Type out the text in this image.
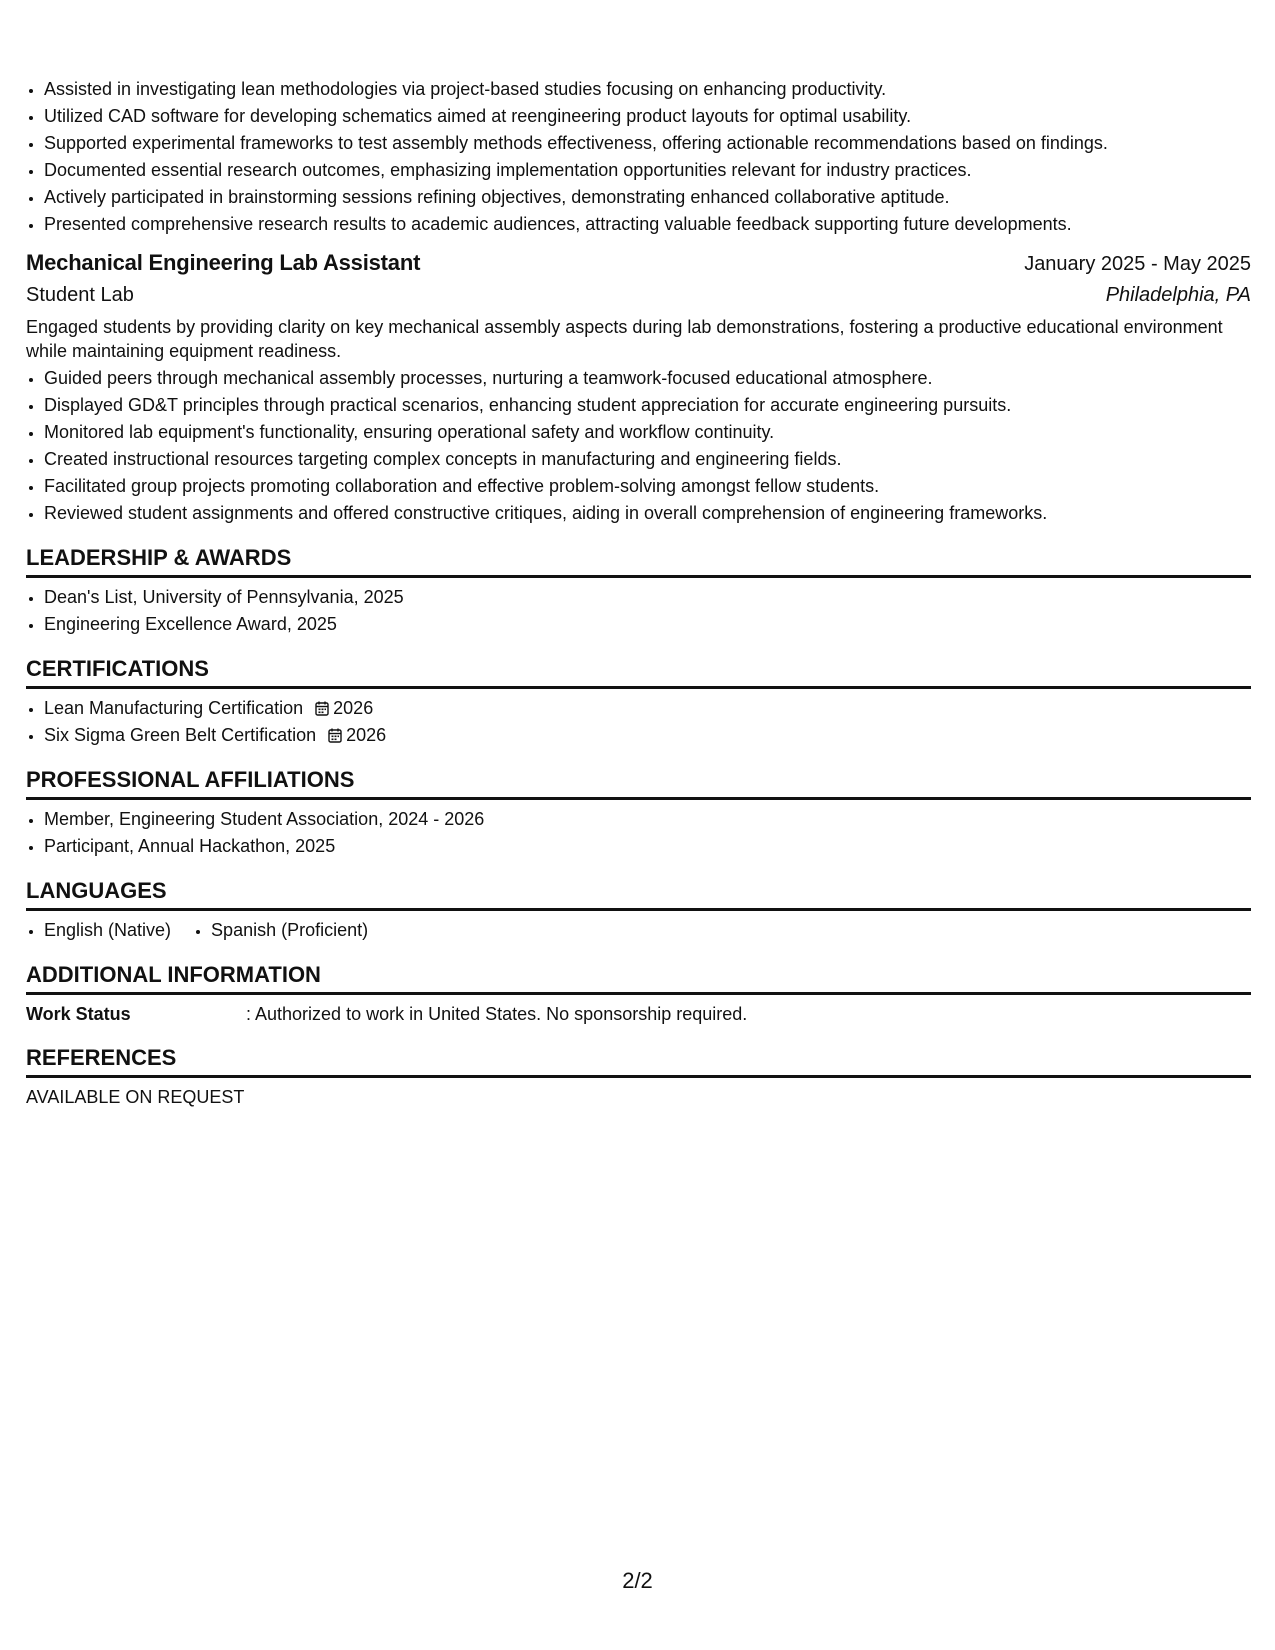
• Assisted in investigating lean methodologies via project-based studies focusing on enhancing productivity.
• Utilized CAD software for developing schematics aimed at reengineering product layouts for optimal usability.
• Supported experimental frameworks to test assembly methods effectiveness, offering actionable recommendations based on findings.
• Documented essential research outcomes, emphasizing implementation opportunities relevant for industry practices.
• Actively participated in brainstorming sessions refining objectives, demonstrating enhanced collaborative aptitude.
• Presented comprehensive research results to academic audiences, attracting valuable feedback supporting future developments.
Mechanical Engineering Lab Assistant	January 2025 - May 2025
Student Lab	Philadelphia, PA
Engaged students by providing clarity on key mechanical assembly aspects during lab demonstrations, fostering a productive educational environment while maintaining equipment readiness.
• Guided peers through mechanical assembly processes, nurturing a teamwork-focused educational atmosphere.
• Displayed GD&T principles through practical scenarios, enhancing student appreciation for accurate engineering pursuits.
• Monitored lab equipment's functionality, ensuring operational safety and workflow continuity.
• Created instructional resources targeting complex concepts in manufacturing and engineering fields.
• Facilitated group projects promoting collaboration and effective problem-solving amongst fellow students.
• Reviewed student assignments and offered constructive critiques, aiding in overall comprehension of engineering frameworks.
LEADERSHIP & AWARDS
• Dean's List, University of Pennsylvania, 2025
• Engineering Excellence Award, 2025
CERTIFICATIONS
• Lean Manufacturing Certification 2026
• Six Sigma Green Belt Certification 2026
PROFESSIONAL AFFILIATIONS
• Member, Engineering Student Association, 2024 - 2026
• Participant, Annual Hackathon, 2025
LANGUAGES
• English (Native)
• Spanish (Proficient)
ADDITIONAL INFORMATION
Work Status	: Authorized to work in United States. No sponsorship required.
REFERENCES
AVAILABLE ON REQUEST
2/2
